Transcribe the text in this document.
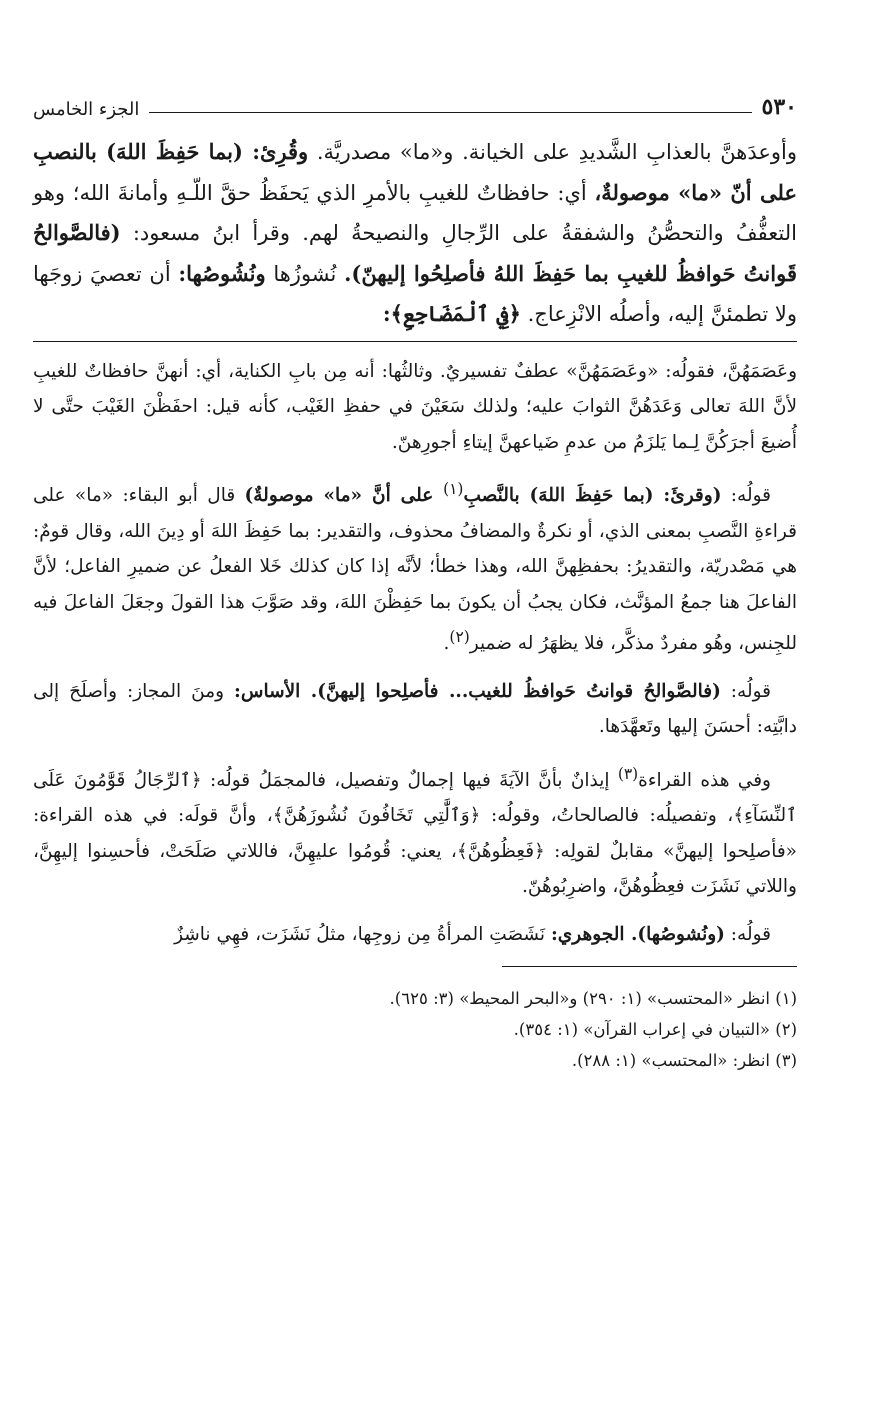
٥٣٠
الجزء الخامس

وأوعدَهنَّ بالعذابِ الشَّديدِ على الخيانة. و«ما» مصدريَّة. وقُرِئ: (بما حَفِظَ اللهَ) بالنصبِ على أنّ «ما» موصولةٌ، أي: حافظاتٌ للغيبِ بالأمرِ الذي يَحفَظُ حقَّ اللّـهِ وأمانةَ الله؛ وهو التعفُّفُ والتحصُّنُ والشفقةُ على الرِّجالِ والنصيحةُ لهم. وقرأ ابنُ مسعود: (فالصَّوالحُ قَوانتُ حَوافظُ للغيبِ بما حَفِظَ اللهُ فأصلِحُوا إليهنّ). نُشوزُها ونُشُوصُها: أن تعصيَ زوجَها ولا تطمئنَّ إليه، وأصلُه الانْزِعاج. ﴿فِي ٱلْمَضَاجِعِ﴾:

وعَصَمَهُنَّ، فقولُه: «وعَصَمَهُنَّ» عطفٌ تفسيريٌ. وثالثُها: أنه مِن بابِ الكناية، أي: أنهنَّ حافظاتٌ للغيبِ لأنَّ اللهَ تعالى وَعَدَهُنَّ الثوابَ عليه؛ ولذلك سَعَيْنَ في حفظِ الغَيْب، كأنه قيل: احفَظْنَ الغَيْبَ حتَّى لا أُضيعَ أجرَكُنَّ لِـما يَلزَمُ من عدمِ ضَياعهنَّ إيتاءِ أجورِهنّ.

قولُه: (وقرئَ: (بما حَفِظَ اللهَ) بالنَّصبِ$^{(١)}$ على أنَّ «ما» موصولةٌ) قال أبو البقاء: «ما» على قراءةِ النَّصبِ بمعنى الذي، أو نكرةٌ والمضافُ محذوف، والتقدير: بما حَفِظَ اللهَ أو دِينَ الله، وقال قومٌ: هي مَصْدريّة، والتقديرُ: بحفظِهنَّ الله، وهذا خطأ؛ لأنَّه إذا كان كذلك خَلا الفعلُ عن ضميرِ الفاعل؛ لأنَّ الفاعلَ هنا جمعُ المؤنَّث، فكان يجبُ أن يكونَ بما حَفِظْنَ اللهَ، وقد صَوَّبَ هذا القولَ وجعَلَ الفاعلَ فيه للجِنس، وهُو مفردٌ مذكَّر، فلا يظهَرُ له ضمير$^{(٢)}$.

قولُه: (فالصَّوالحُ قوانتُ حَوافظُ للغيب... فأصلِحوا إليهنَّ). الأساس: ومنَ المجاز: وأصلَحَ إلى دابَّتِه: أحسَنَ إليها وتَعهَّدَها.

وفي هذه القراءة$^{(٣)}$ إيذانٌ بأنَّ الآيَةَ فيها إجمالٌ وتفصيل، فالمجمَلُ قولُه: ﴿ٱلرِّجَالُ قَوَّٰمُونَ عَلَى ٱلنِّسَآءِ﴾، وتفصيلُه: فالصالحاتُ، وقولُه: ﴿وَٱلَّٰتِي تَخَافُونَ نُشُوزَهُنَّ﴾، وأنَّ قولَه: في هذه القراءة: «فأصلِحوا إليهنَّ» مقابلٌ لقولِه: ﴿فَعِظُوهُنَّ﴾، يعني: قُومُوا عليهِنَّ، فاللاتي صَلَحَتْ، فأحسِنوا إليهِنَّ، واللاتي نَشَزَت فعِظُوهُنَّ، واضرِبُوهُنّ.

قولُه: (ونُشوصُها). الجوهري: نَشَصَتِ المرأةُ مِن زوجِها، مثلُ نَشَزَت، فهِي ناشِزٌ

(١) انظر «المحتسب» (١: ٢٩٠) و«البحر المحيط» (٣: ٦٢٥).
(٢) «التبيان في إعراب القرآن» (١: ٣٥٤).
(٣) انظر: «المحتسب» (١: ٢٨٨).
